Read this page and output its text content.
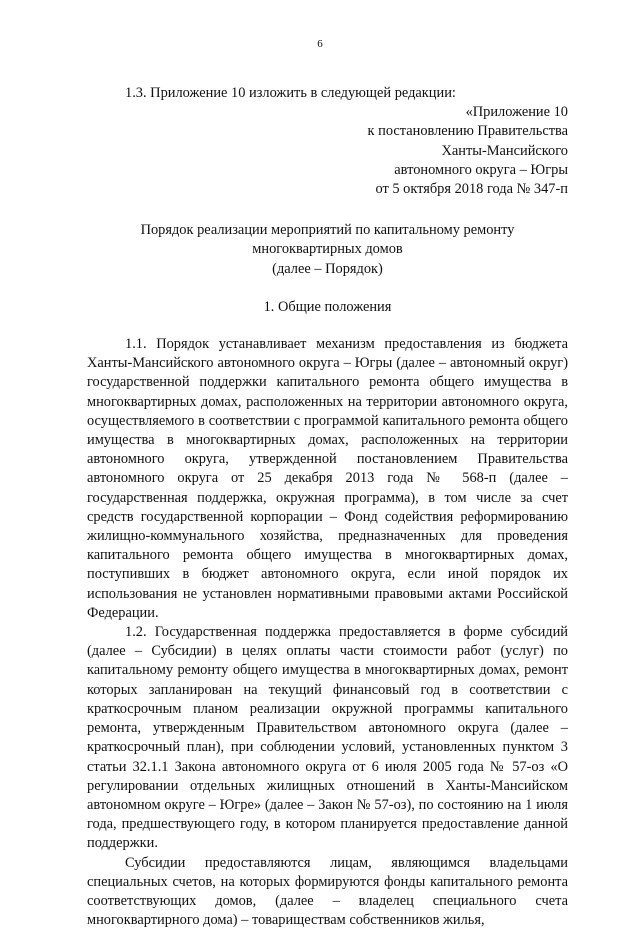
6

1.3. Приложение 10 изложить в следующей редакции:

«Приложение 10
к постановлению Правительства
Ханты-Мансийского
автономного округа – Югры
от 5 октября 2018 года № 347-п
Порядок реализации мероприятий по капитальному ремонту
многоквартирных домов
(далее – Порядок)
1. Общие положения

1.1. Порядок устанавливает механизм предоставления из бюджета Ханты-Мансийского автономного округа – Югры (далее – автономный округ) государственной поддержки капитального ремонта общего имущества в многоквартирных домах, расположенных на территории автономного округа, осуществляемого в соответствии с программой капитального ремонта общего имущества в многоквартирных домах, расположенных на территории автономного округа, утвержденной постановлением Правительства автономного округа от 25 декабря 2013 года № 568-п (далее – государственная поддержка, окружная программа), в том числе за счет средств государственной корпорации – Фонд содействия реформированию жилищно-коммунального хозяйства, предназначенных для проведения капитального ремонта общего имущества в многоквартирных домах, поступивших в бюджет автономного округа, если иной порядок их использования не установлен нормативными правовыми актами Российской Федерации.

1.2. Государственная поддержка предоставляется в форме субсидий (далее – Субсидии) в целях оплаты части стоимости работ (услуг) по капитальному ремонту общего имущества в многоквартирных домах, ремонт которых запланирован на текущий финансовый год в соответствии с краткосрочным планом реализации окружной программы капитального ремонта, утвержденным Правительством автономного округа (далее – краткосрочный план), при соблюдении условий, установленных пунктом 3 статьи 32.1.1 Закона автономного округа от 6 июля 2005 года № 57-оз «О регулировании отдельных жилищных отношений в Ханты-Мансийском автономном округе – Югре» (далее – Закон № 57-оз), по состоянию на 1 июля года, предшествующего году, в котором планируется предоставление данной поддержки.

Субсидии предоставляются лицам, являющимся владельцами специальных счетов, на которых формируются фонды капитального ремонта соответствующих домов, (далее – владелец специального счета многоквартирного дома) – товариществам собственников жилья,
